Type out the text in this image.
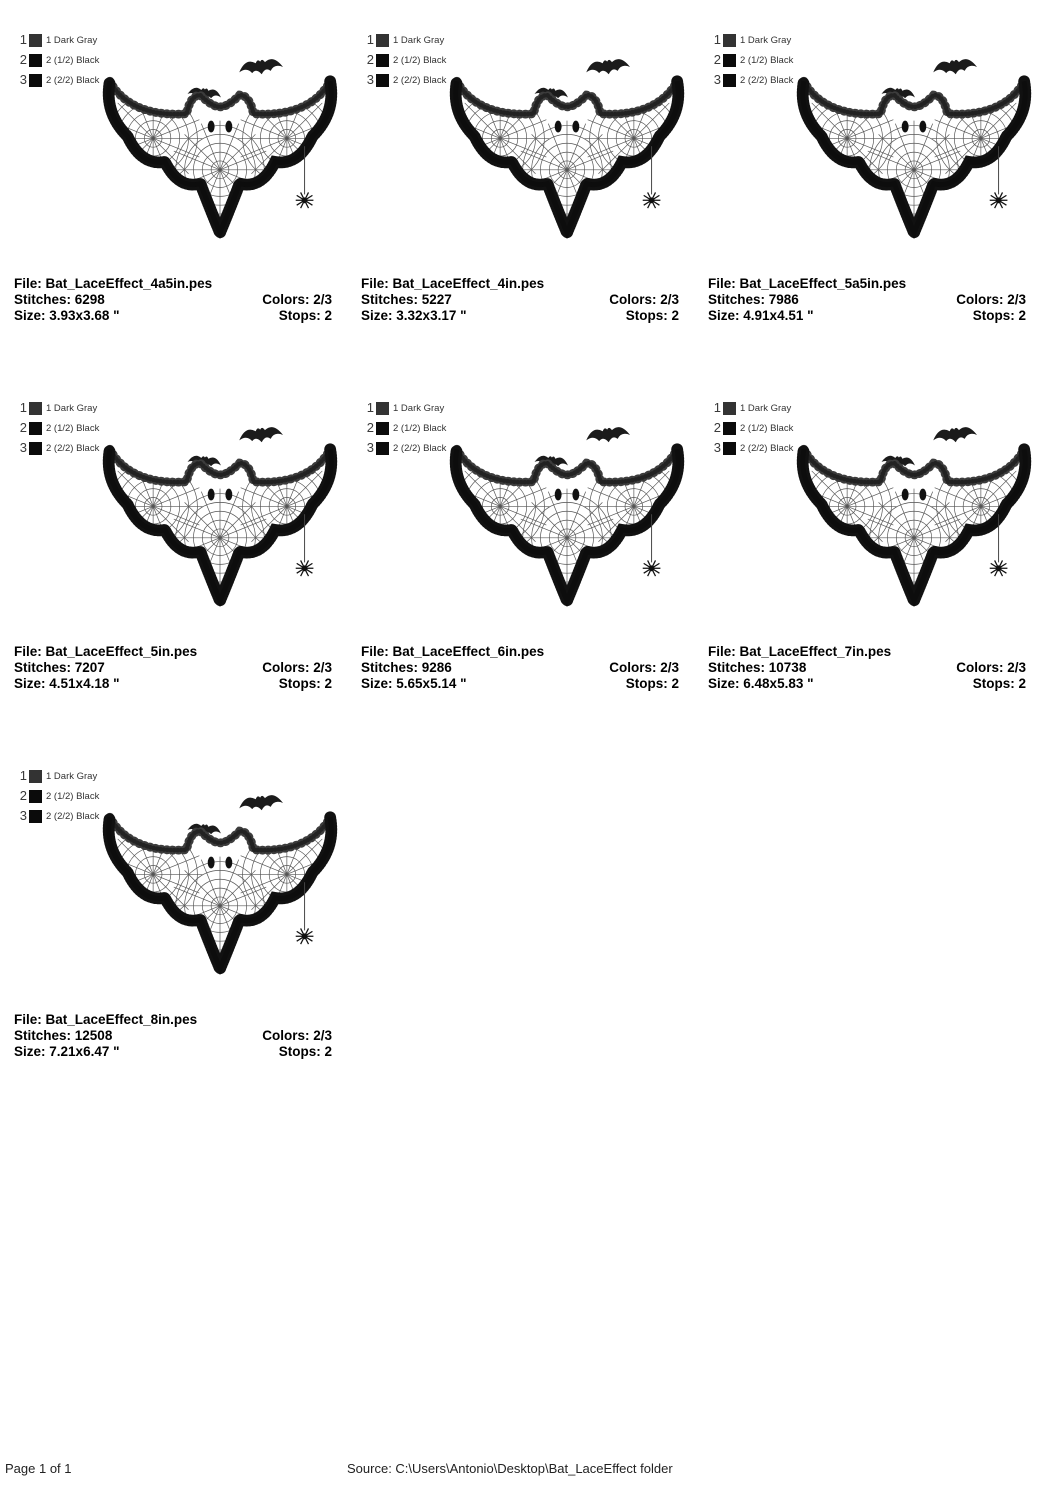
1 1 Dark Gray
2 2 (1/2) Black
3 2 (2/2) Black
File: Bat_LaceEffect_4a5in.pes
Stitches: 6298	Colors: 2/3
Size: 3.93x3.68 "	Stops: 2
1 1 Dark Gray
2 2 (1/2) Black
3 2 (2/2) Black
File: Bat_LaceEffect_4in.pes
Stitches: 5227	Colors: 2/3
Size: 3.32x3.17 "	Stops: 2
1 1 Dark Gray
2 2 (1/2) Black
3 2 (2/2) Black
File: Bat_LaceEffect_5a5in.pes
Stitches: 7986	Colors: 2/3
Size: 4.91x4.51 "	Stops: 2
1 1 Dark Gray
2 2 (1/2) Black
3 2 (2/2) Black
File: Bat_LaceEffect_5in.pes
Stitches: 7207	Colors: 2/3
Size: 4.51x4.18 "	Stops: 2
1 1 Dark Gray
2 2 (1/2) Black
3 2 (2/2) Black
File: Bat_LaceEffect_6in.pes
Stitches: 9286	Colors: 2/3
Size: 5.65x5.14 "	Stops: 2
1 1 Dark Gray
2 2 (1/2) Black
3 2 (2/2) Black
File: Bat_LaceEffect_7in.pes
Stitches: 10738	Colors: 2/3
Size: 6.48x5.83 "	Stops: 2
1 1 Dark Gray
2 2 (1/2) Black
3 2 (2/2) Black
File: Bat_LaceEffect_8in.pes
Stitches: 12508	Colors: 2/3
Size: 7.21x6.47 "	Stops: 2
Page 1 of 1	Source: C:\Users\Antonio\Desktop\Bat_LaceEffect folder
